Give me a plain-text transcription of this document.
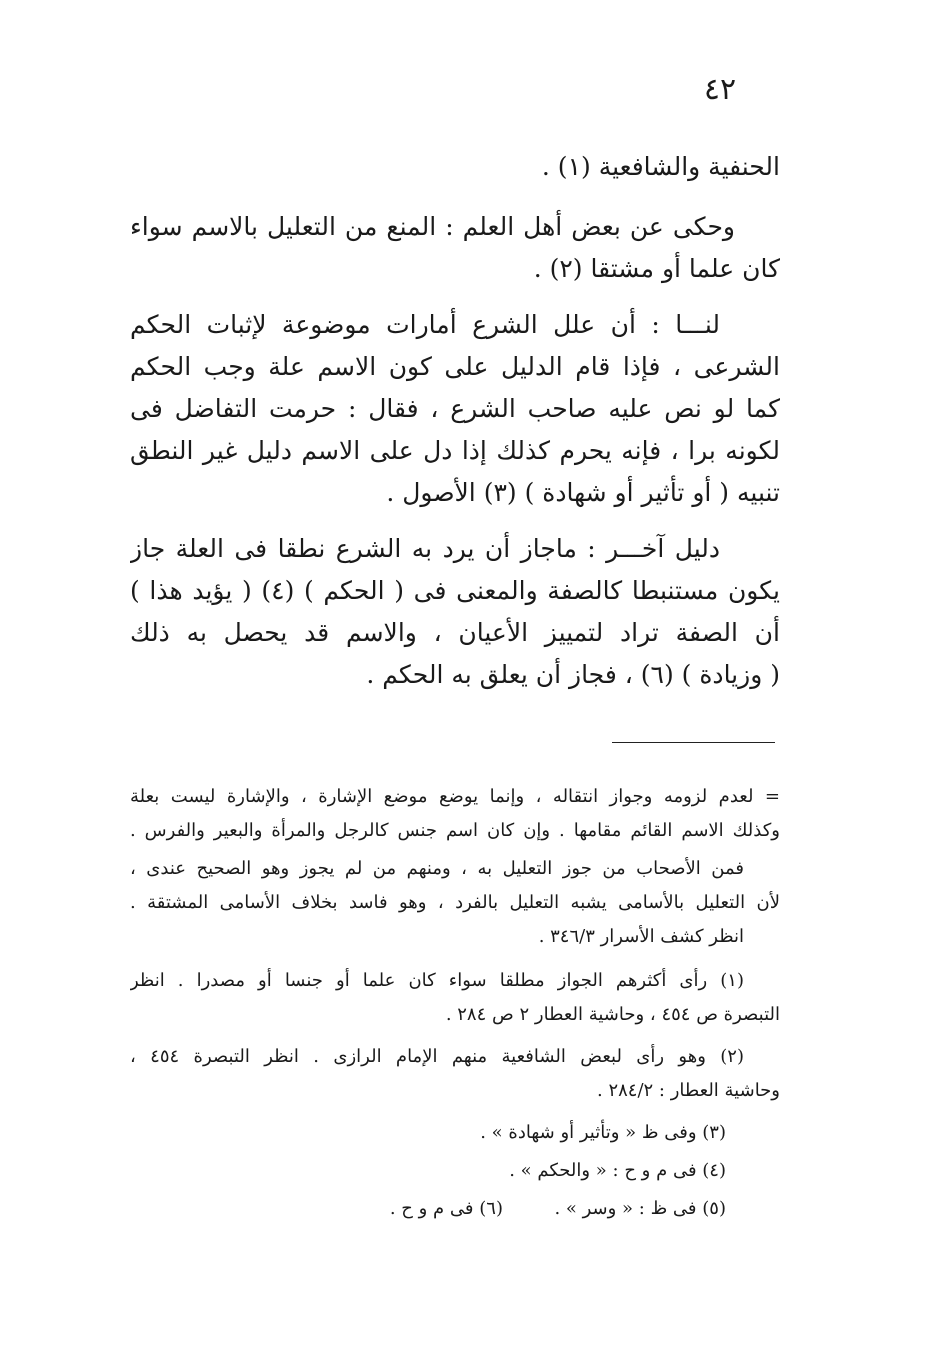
٤٢
الحنفية والشافعية (١) .
وحكى عن بعض أهل العلم : المنع من التعليل بالاسم سواء
كان علما أو مشتقا (٢) .
لنـــا : أن علل الشرع أمارات موضوعة لإثبات الحكم
الشرعى ، فإذا قام الدليل على كون الاسم علة وجب الحكم
كما لو نص عليه صاحب الشرع ، فقال : حرمت التفاضل فى
لكونه برا ، فإنه يحرم كذلك إذا دل على الاسم دليل غير النطق
تنبيه ( أو تأثير أو شهادة ) (٣) الأصول .
دليل آخـــر : ماجاز أن يرد به الشرع نطقا فى العلة جاز
يكون مستنبطا كالصفة والمعنى فى ( الحكم ) (٤) ( يؤيد هذا )
أن الصفة تراد لتمييز الأعيان ، والاسم قد يحصل به ذلك
( وزيادة ) (٦) ، فجاز أن يعلق به الحكم .
= لعدم لزومه وجواز انتقاله ، وإنما يوضع موضع الإشارة ، والإشارة ليست بعلة
وكذلك الاسم القائم مقامها . وإن كان اسم جنس كالرجل والمرأة والبعير والفرس .
فمن الأصحاب من جوز التعليل به ، ومنهم من لم يجوز وهو الصحيح عندى ،
لأن التعليل بالأسامى يشبه التعليل بالفرد ، وهو فاسد بخلاف الأسامى المشتقة .
انظر كشف الأسرار ٣٤٦/٣ .
(١) رأى أكثرهم الجواز مطلقا سواء كان علما أو جنسا أو مصدرا . انظر
التبصرة ص ٤٥٤ ، وحاشية العطار ٢ ص ٢٨٤ .
(٢) وهو رأى لبعض الشافعية منهم الإمام الرازى . انظر التبصرة ٤٥٤ ،
وحاشية العطار : ٢٨٤/٢ .
(٣) وفى ظ « وتأثير أو شهادة » .
(٤) فى م و ح : « والحكم » .
(٥) فى ظ : « وسر » .  (٦) فى م و ح .
